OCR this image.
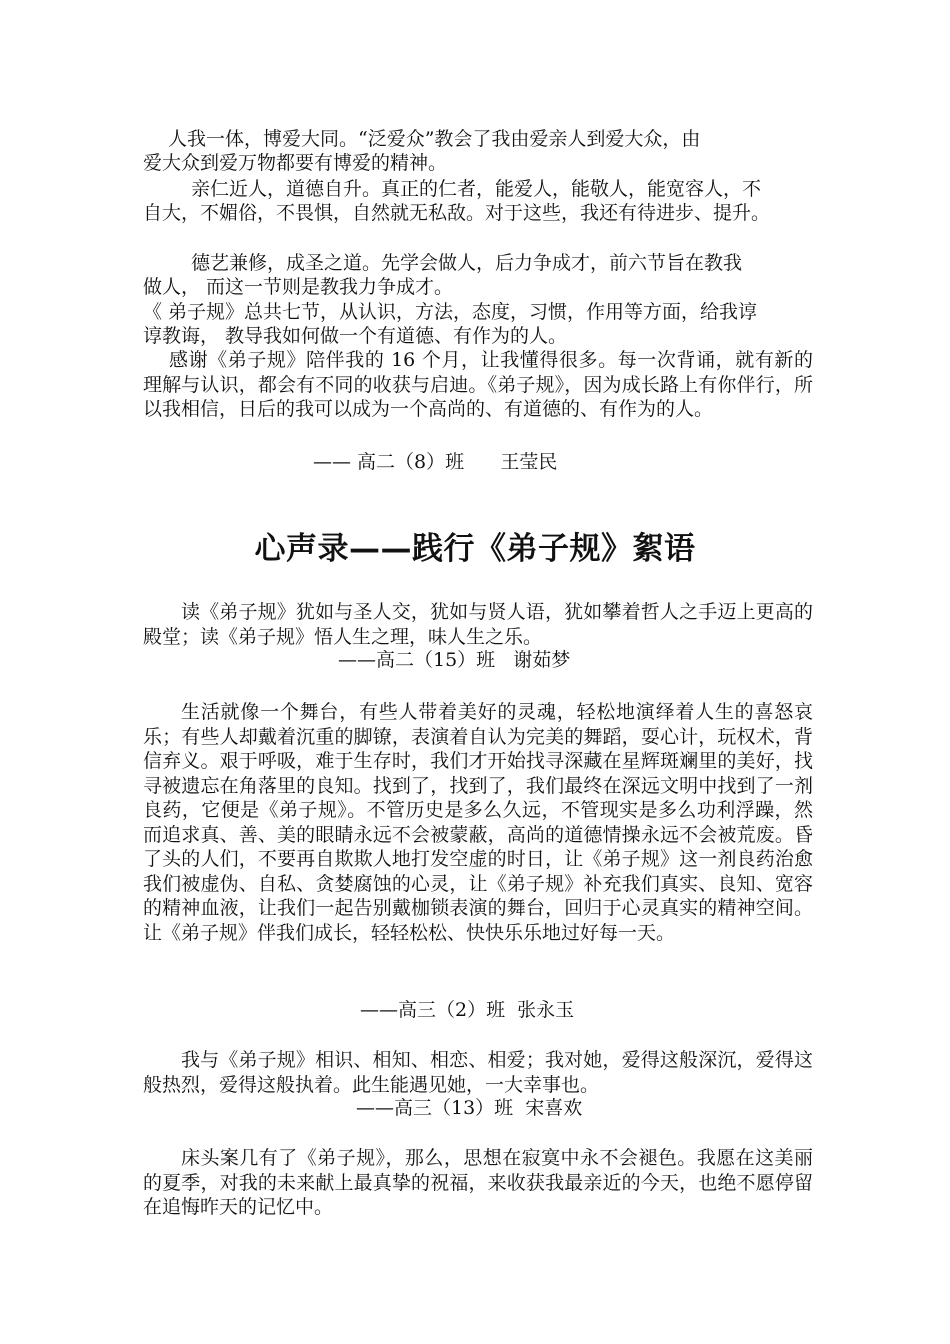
人我一体，博爱大同。“泛爱众”教会了我由爱亲人到爱大众，由
爱大众到爱万物都要有博爱的精神。
亲仁近人，道德自升。真正的仁者，能爱人，能敬人，能宽容人，不
自大，不媚俗，不畏惧，自然就无私敌。对于这些，我还有待进步、提升。
德艺兼修，成圣之道。先学会做人，后力争成才，前六节旨在教我
做人， 而这一节则是教我力争成才。
《 弟子规》总共七节，从认识，方法，态度，习惯，作用等方面，给我谆
谆教诲， 教导我如何做一个有道德、有作为的人。

感谢《弟子规》陪伴我的 16 个月，让我懂得很多。每一次背诵，就有新的理解与认识，都会有不同的收获与启迪。《弟子规》，因为成长路上有你伴行，所以我相信，日后的我可以成为一个高尚的、有道德的、有作为的人。

—— 高二（8）班      王莹民
心声录——践行《弟子规》絮语

读《弟子规》犹如与圣人交，犹如与贤人语，犹如攀着哲人之手迈上更高的殿堂；读《弟子规》悟人生之理，味人生之乐。

——高二（15）班   谢茹梦

生活就像一个舞台，有些人带着美好的灵魂，轻松地演绎着人生的喜怒哀乐；有些人却戴着沉重的脚镣，表演着自认为完美的舞蹈，耍心计，玩权术，背信弃义。艰于呼吸，难于生存时，我们才开始找寻深藏在星辉斑斓里的美好，找寻被遗忘在角落里的良知。找到了，找到了，我们最终在深远文明中找到了一剂良药，它便是《弟子规》。不管历史是多么久远，不管现实是多么功利浮躁，然而追求真、善、美的眼睛永远不会被蒙蔽，高尚的道德情操永远不会被荒废。昏了头的人们，不要再自欺欺人地打发空虚的时日，让《弟子规》这一剂良药治愈我们被虚伪、自私、贪婪腐蚀的心灵，让《弟子规》补充我们真实、良知、宽容的精神血液，让我们一起告别戴枷锁表演的舞台，回归于心灵真实的精神空间。让《弟子规》伴我们成长，轻轻松松、快快乐乐地过好每一天。

——高三（2）班  张永玉

我与《弟子规》相识、相知、相恋、相爱；我对她，爱得这般深沉，爱得这般热烈，爱得这般执着。此生能遇见她，一大幸事也。

——高三（13）班  宋喜欢

床头案几有了《弟子规》，那么，思想在寂寞中永不会褪色。我愿在这美丽的夏季，对我的未来献上最真挚的祝福，来收获我最亲近的今天，也绝不愿停留在追悔昨天的记忆中。
